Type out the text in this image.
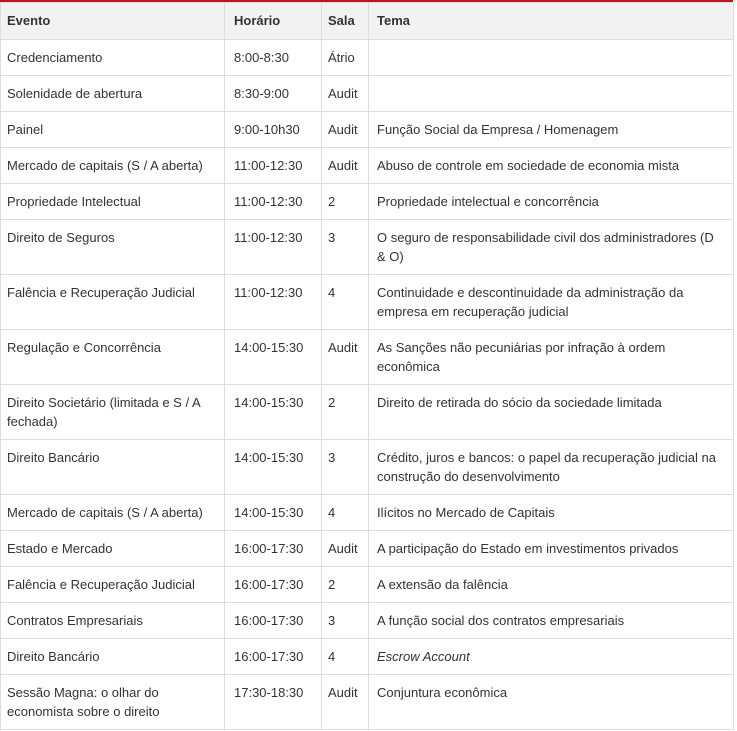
Evento	Horário	Sala	Tema
Credenciamento	8:00-8:30	Átrio	
Solenidade de abertura	8:30-9:00	Audit	
Painel	9:00-10h30	Audit	Função Social da Empresa / Homenagem
Mercado de capitais (S / A aberta)	11:00-12:30	Audit	Abuso de controle em sociedade de economia mista
Propriedade Intelectual	11:00-12:30	2	Propriedade intelectual e concorrência
Direito de Seguros	11:00-12:30	3	O seguro de responsabilidade civil dos administradores (D & O)
Falência e Recuperação Judicial	11:00-12:30	4	Continuidade e descontinuidade da administração da empresa em recuperação judicial
Regulação e Concorrência	14:00-15:30	Audit	As Sanções não pecuniárias por infração à ordem econômica
Direito Societário (limitada e S / A fechada)	14:00-15:30	2	Direito de retirada do sócio da sociedade limitada
Direito Bancário	14:00-15:30	3	Crédito, juros e bancos: o papel da recuperação judicial na construção do desenvolvimento
Mercado de capitais (S / A aberta)	14:00-15:30	4	Ilícitos no Mercado de Capitais
Estado e Mercado	16:00-17:30	Audit	A participação do Estado em investimentos privados
Falência e Recuperação Judicial	16:00-17:30	2	A extensão da falência
Contratos Empresariais	16:00-17:30	3	A função social dos contratos empresariais
Direito Bancário	16:00-17:30	4	Escrow Account
Sessão Magna: o olhar do economista sobre o direito	17:30-18:30	Audit	Conjuntura econômica
